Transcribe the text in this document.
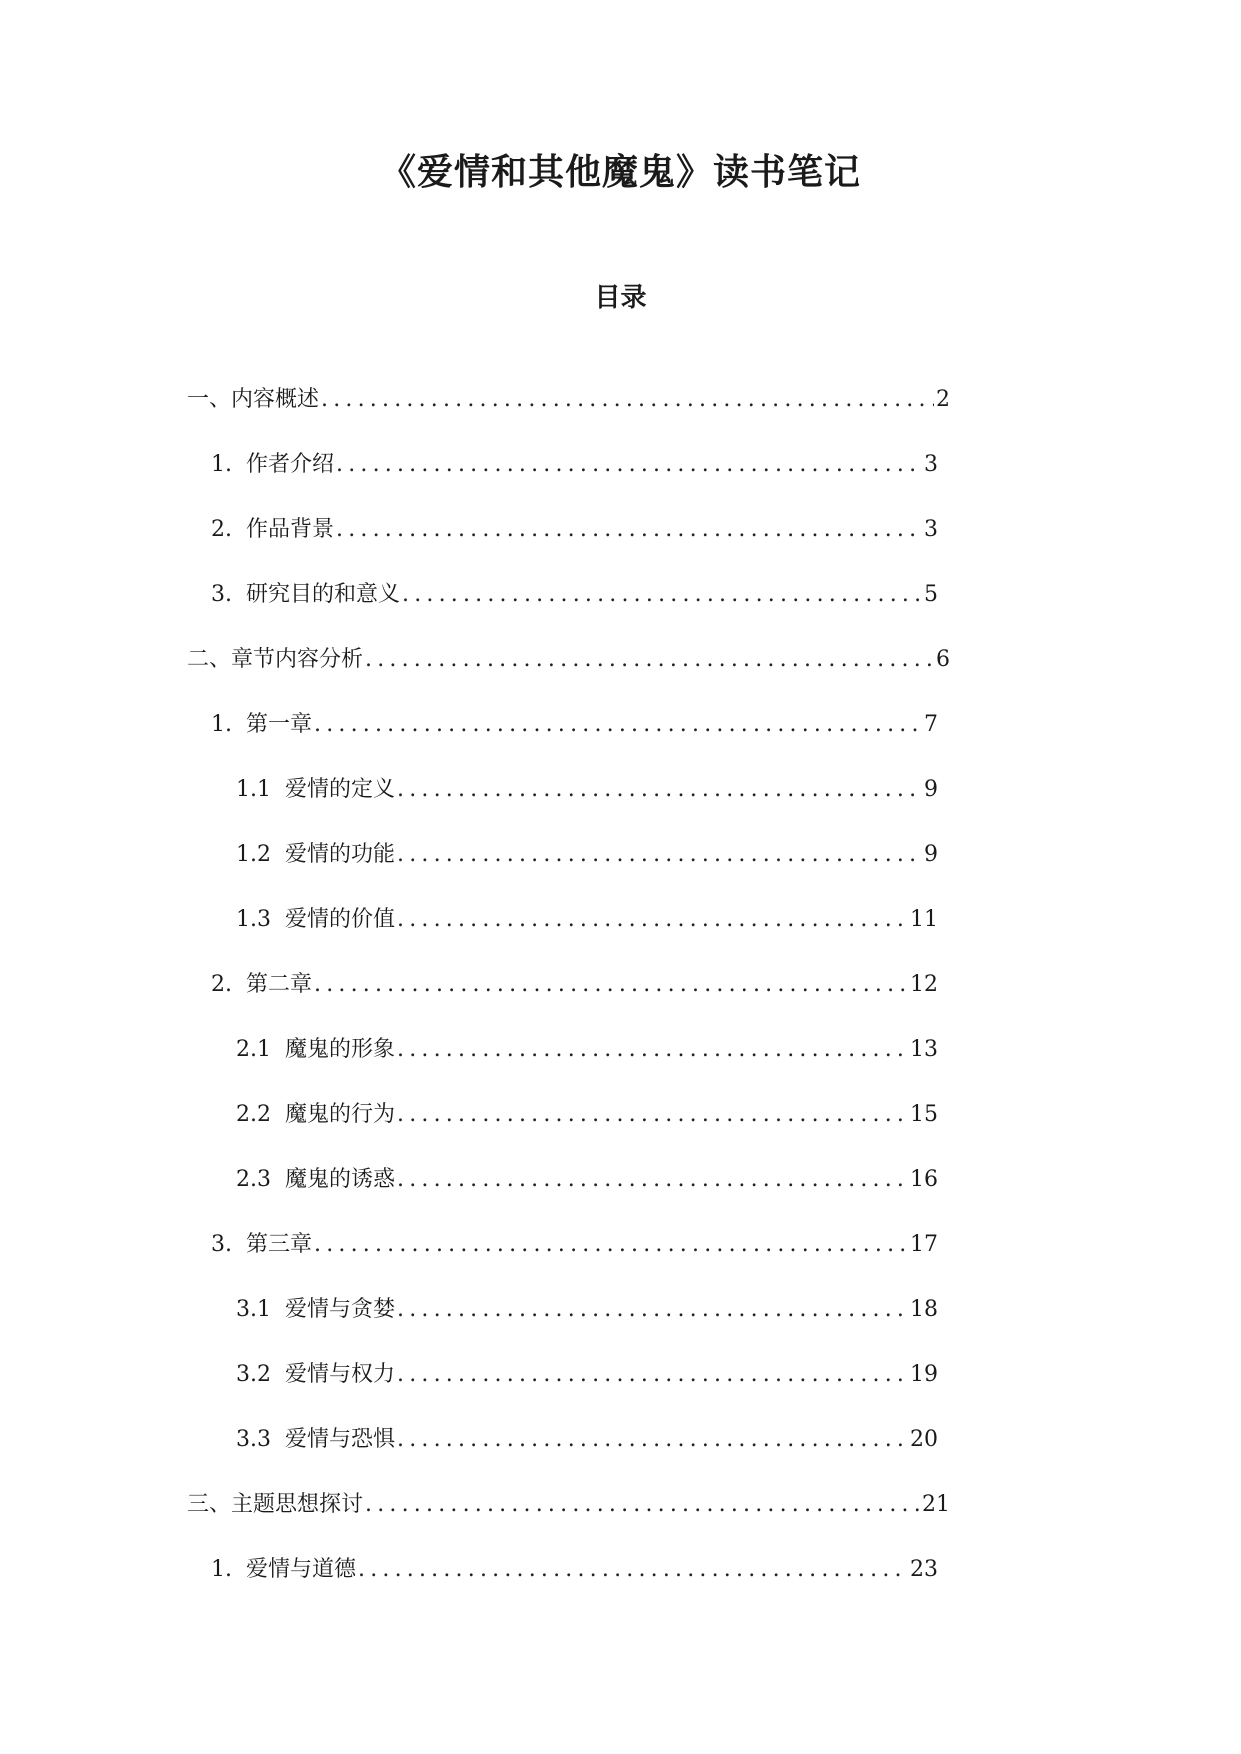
《爱情和其他魔鬼》读书笔记
目录
一、 内容概述 .....	2
1. 作者介绍 .....	3
2. 作品背景 .....	3
3. 研究目的和意义 .....	5
二、 章节内容分析 .....	6
1. 第一章 .....	7
1.1 爱情的定义 .....	9
1.2 爱情的功能 .....	9
1.3 爱情的价值 .....	11
2. 第二章 .....	12
2.1 魔鬼的形象 .....	13
2.2 魔鬼的行为 .....	15
2.3 魔鬼的诱惑 .....	16
3. 第三章 .....	17
3.1 爱情与贪婪 .....	18
3.2 爱情与权力 .....	19
3.3 爱情与恐惧 .....	20
三、 主题思想探讨 .....	21
1. 爱情与道德 .....	23
